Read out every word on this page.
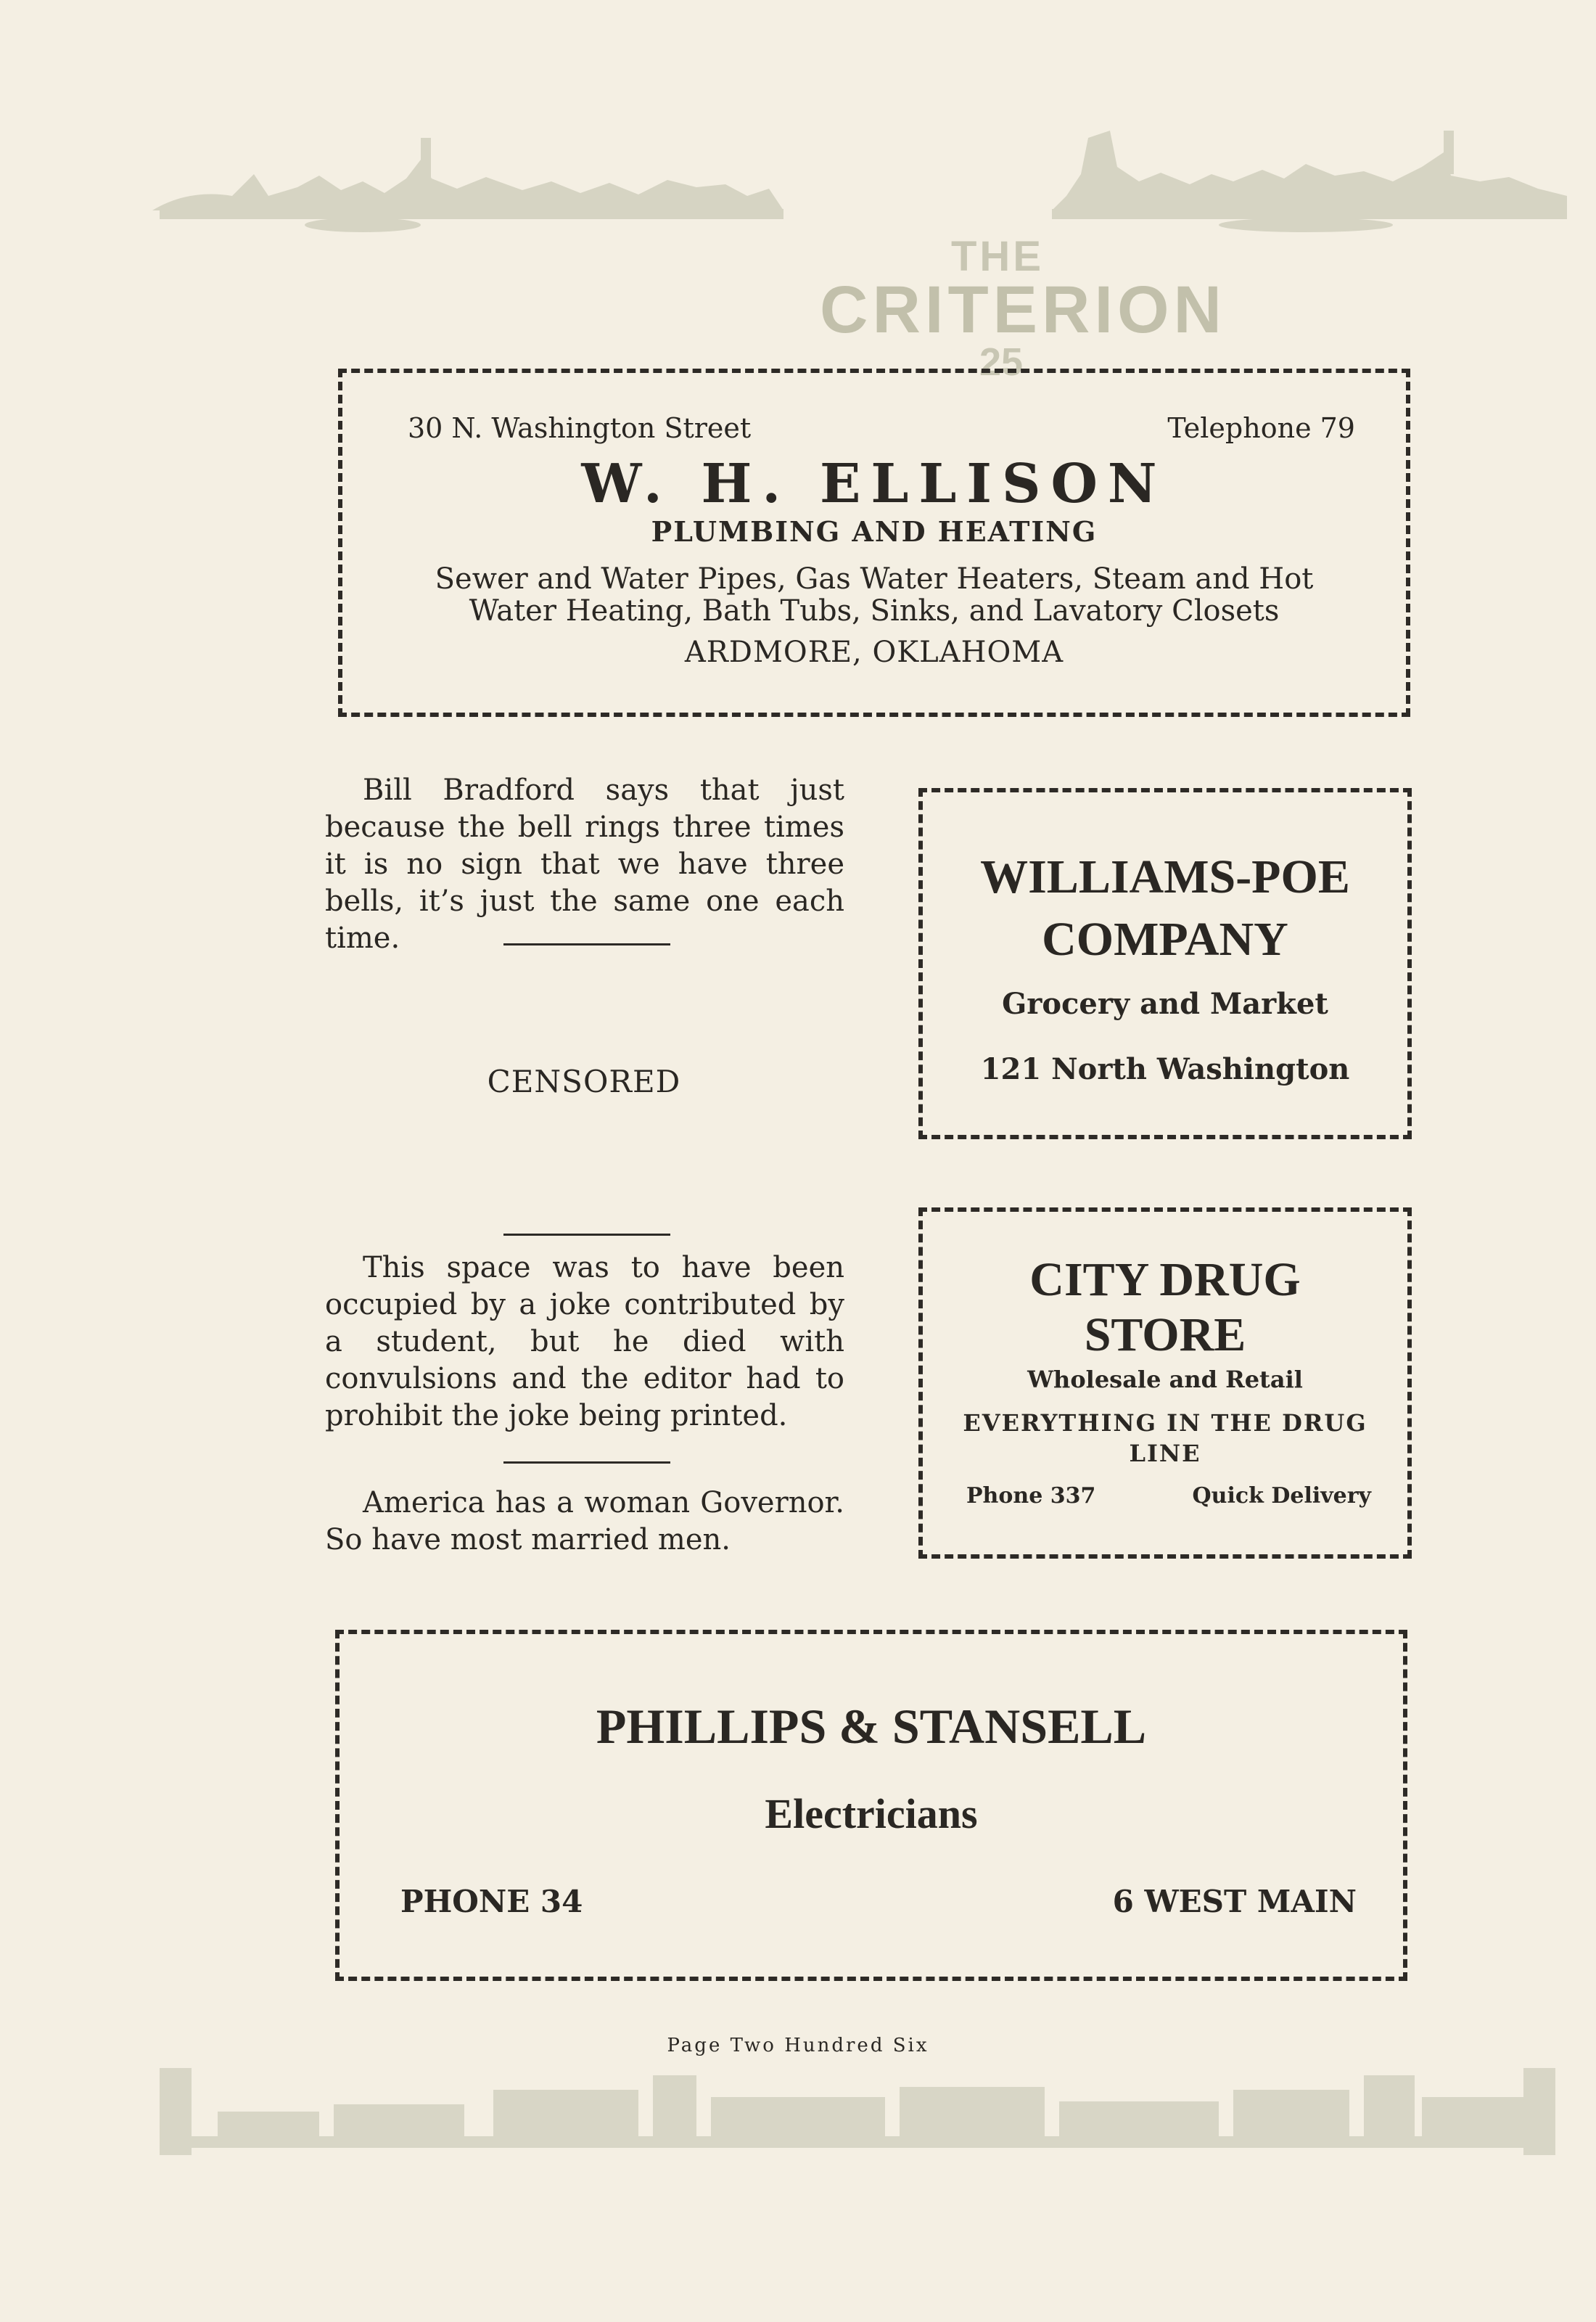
THE
CRITERION
25
30 N. Washington Street	Telephone 79
W. H. ELLISON
PLUMBING AND HEATING
Sewer and Water Pipes, Gas Water Heaters, Steam and Hot
Water Heating, Bath Tubs, Sinks, and Lavatory Closets
ARDMORE, OKLAHOMA
Bill Bradford says that just because the bell rings three times it is no sign that we have three bells, it’s just the same one each time.
CENSORED
This space was to have been occupied by a joke contributed by a student, but he died with convulsions and the editor had to prohibit the joke being printed.
America has a woman Governor. So have most married men.
WILLIAMS-POE
COMPANY
Grocery and Market
121 North Washington
CITY DRUG
STORE
Wholesale and Retail
EVERYTHING IN THE DRUG LINE
Phone 337	Quick Delivery
PHILLIPS & STANSELL
Electricians
PHONE 34	6 WEST MAIN
Page Two Hundred Six
